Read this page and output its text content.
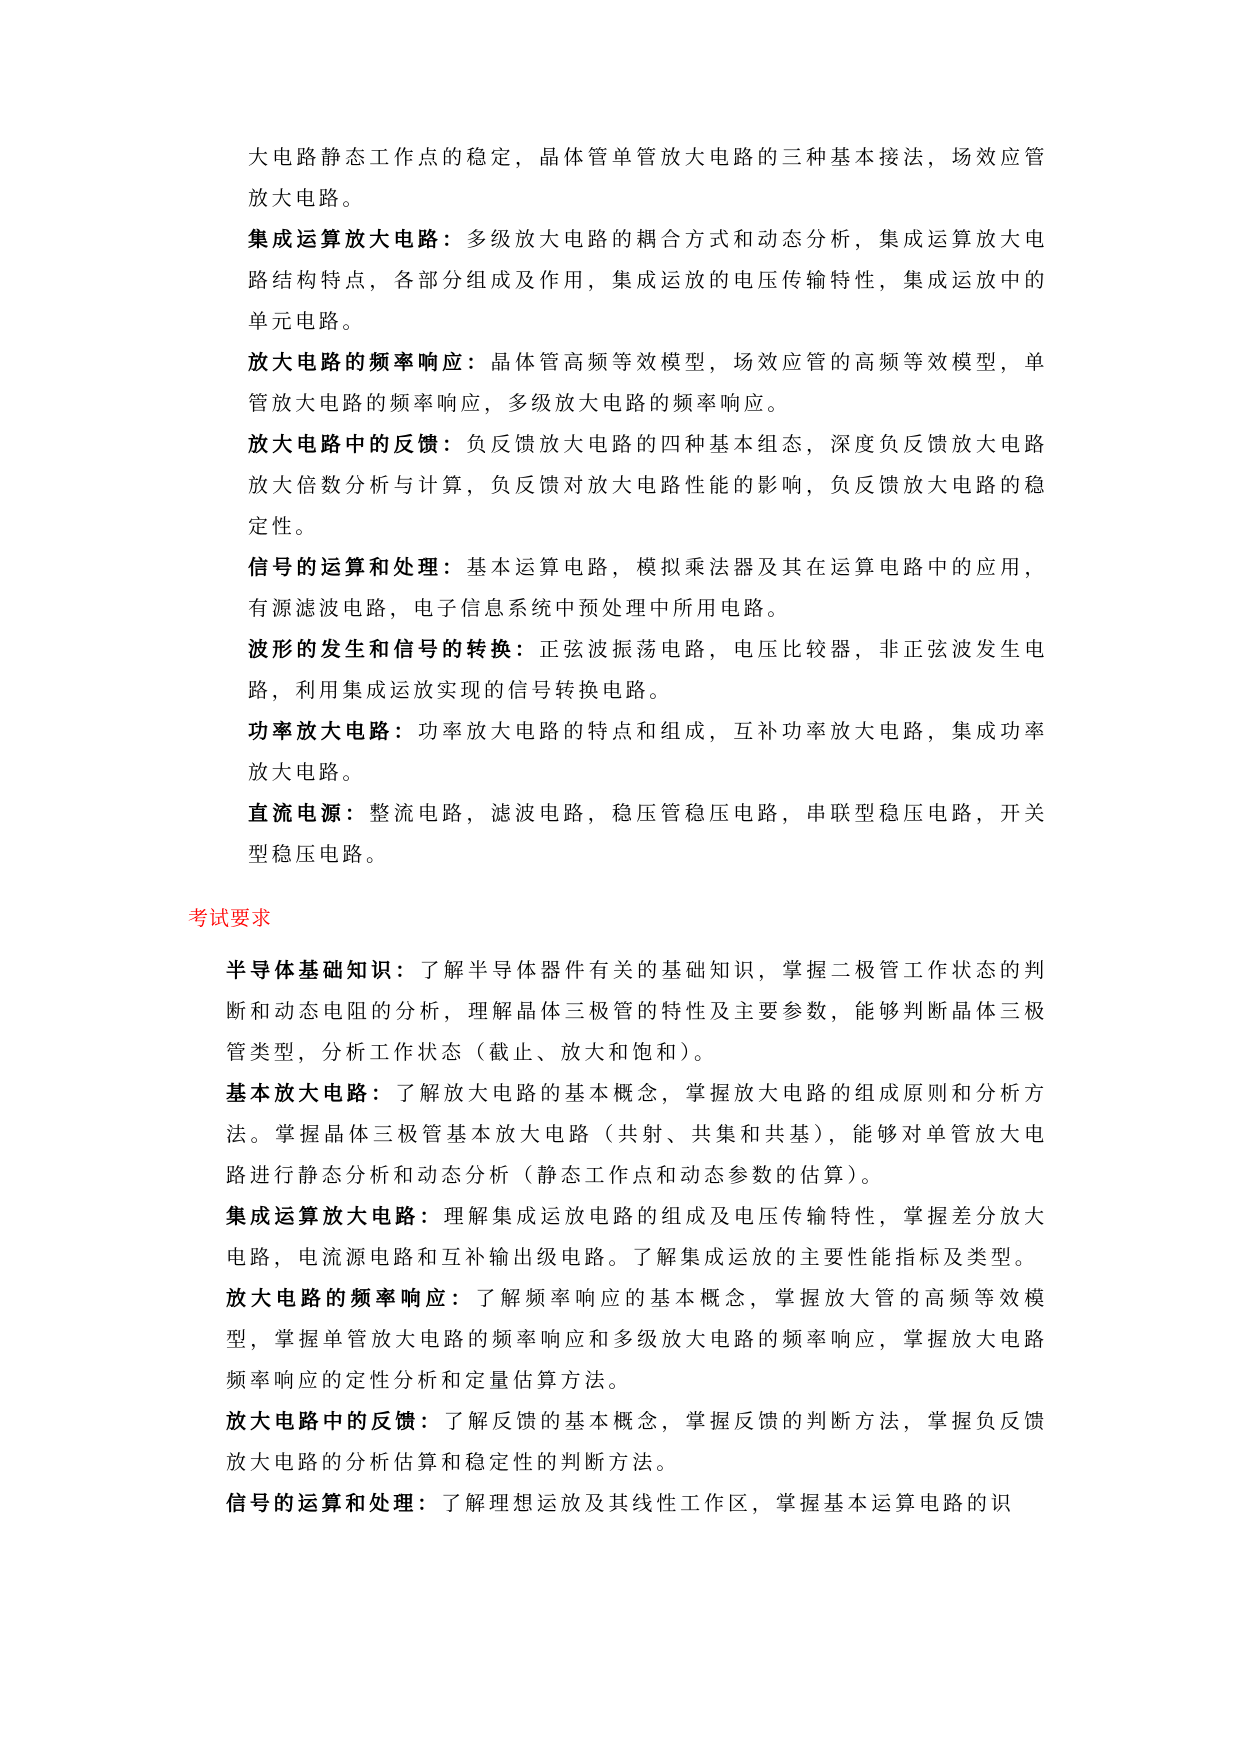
大电路静态工作点的稳定，晶体管单管放大电路的三种基本接法，场效应管放大电路。

集成运算放大电路：多级放大电路的耦合方式和动态分析，集成运算放大电路结构特点，各部分组成及作用，集成运放的电压传输特性，集成运放中的单元电路。

放大电路的频率响应：晶体管高频等效模型，场效应管的高频等效模型，单管放大电路的频率响应，多级放大电路的频率响应。

放大电路中的反馈：负反馈放大电路的四种基本组态，深度负反馈放大电路放大倍数分析与计算，负反馈对放大电路性能的影响，负反馈放大电路的稳定性。

信号的运算和处理：基本运算电路，模拟乘法器及其在运算电路中的应用，有源滤波电路，电子信息系统中预处理中所用电路。

波形的发生和信号的转换：正弦波振荡电路，电压比较器，非正弦波发生电路，利用集成运放实现的信号转换电路。

功率放大电路：功率放大电路的特点和组成，互补功率放大电路，集成功率放大电路。

直流电源：整流电路，滤波电路，稳压管稳压电路，串联型稳压电路，开关型稳压电路。

考试要求

半导体基础知识：了解半导体器件有关的基础知识，掌握二极管工作状态的判断和动态电阻的分析，理解晶体三极管的特性及主要参数，能够判断晶体三极管类型，分析工作状态（截止、放大和饱和）。

基本放大电路：了解放大电路的基本概念，掌握放大电路的组成原则和分析方法。掌握晶体三极管基本放大电路（共射、共集和共基），能够对单管放大电路进行静态分析和动态分析（静态工作点和动态参数的估算）。

集成运算放大电路：理解集成运放电路的组成及电压传输特性，掌握差分放大电路，电流源电路和互补输出级电路。了解集成运放的主要性能指标及类型。

放大电路的频率响应：了解频率响应的基本概念，掌握放大管的高频等效模型，掌握单管放大电路的频率响应和多级放大电路的频率响应，掌握放大电路频率响应的定性分析和定量估算方法。

放大电路中的反馈：了解反馈的基本概念，掌握反馈的判断方法，掌握负反馈放大电路的分析估算和稳定性的判断方法。

信号的运算和处理：了解理想运放及其线性工作区，掌握基本运算电路的识
